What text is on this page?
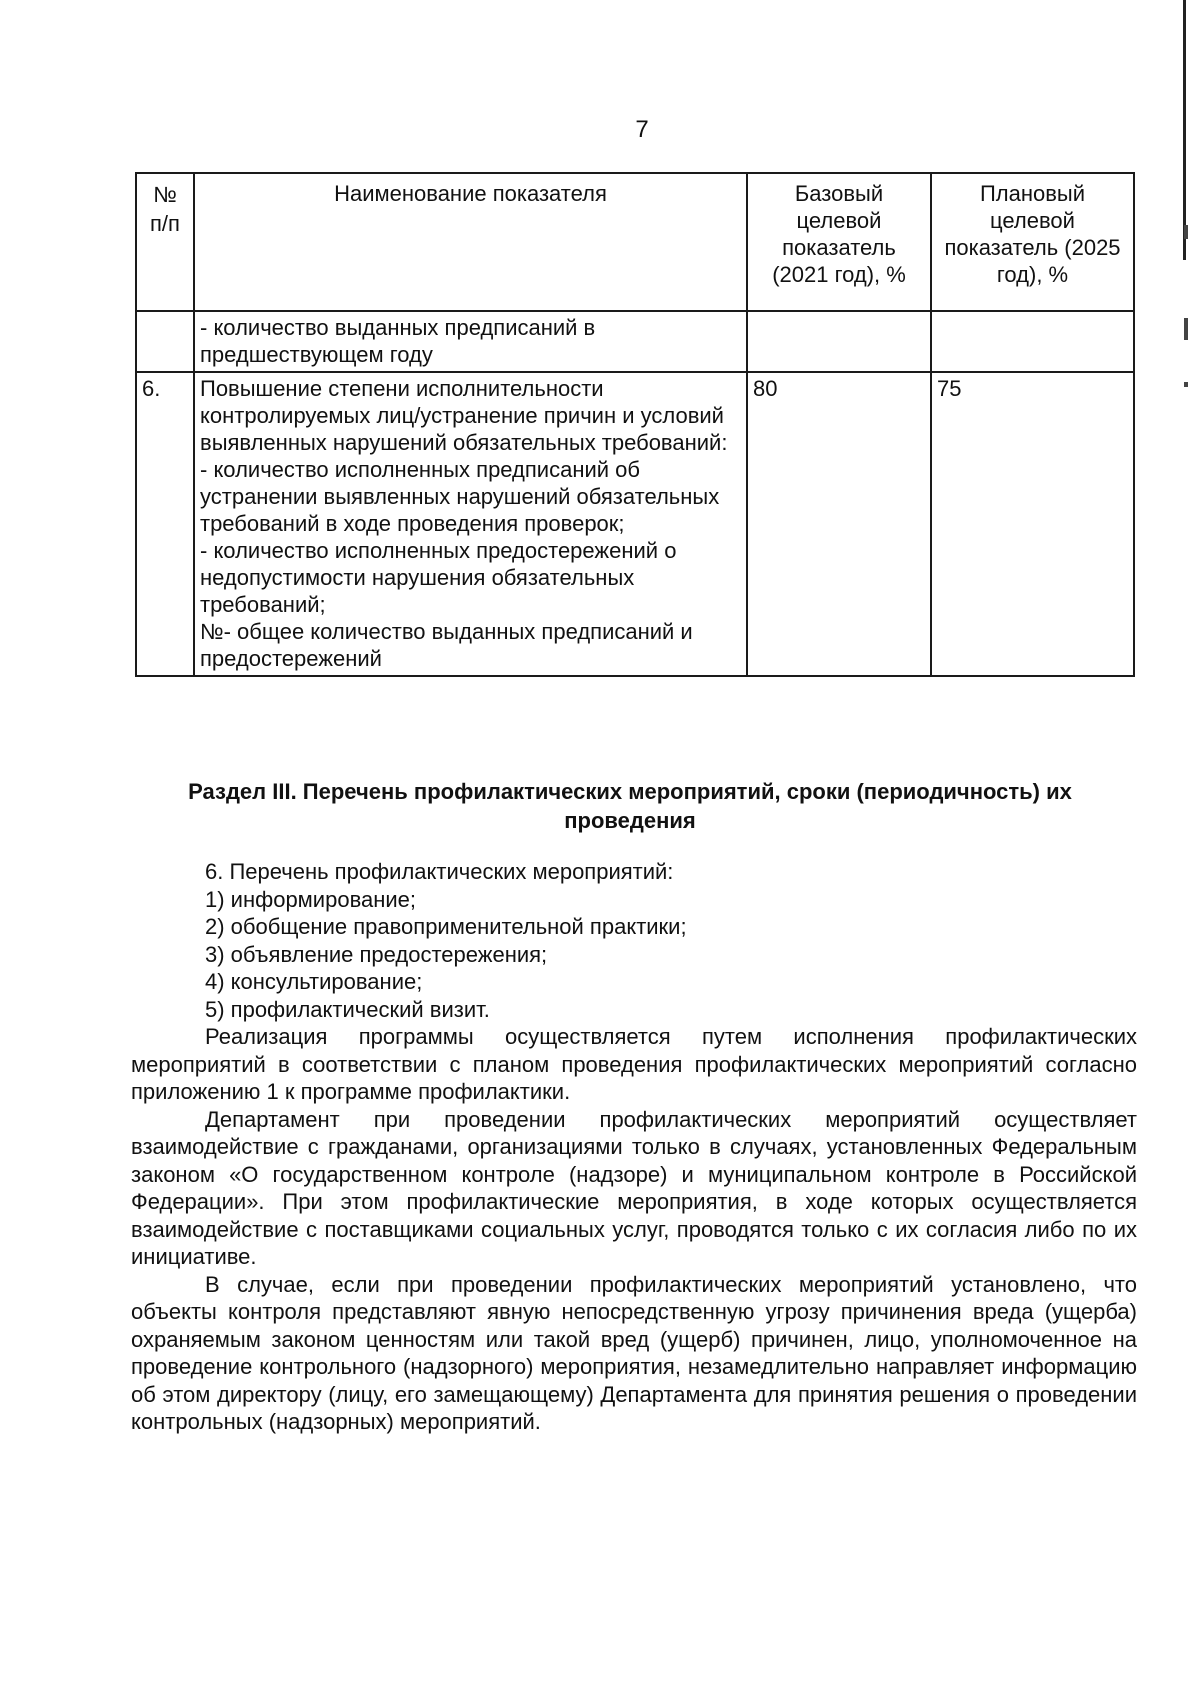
7
№ п/п	Наименование показателя	Базовый целевой показатель (2021 год), %	Плановый целевой показатель (2025 год), %
	- количество выданных предписаний в предшествующем году		
6.	Повышение степени исполнительности контролируемых лиц/устранение причин и условий выявленных нарушений обязательных требований:
- количество исполненных предписаний об устранении выявленных нарушений обязательных требований в ходе проведения проверок;
- количество исполненных предостережений о недопустимости нарушения обязательных требований;
№- общее количество выданных предписаний и предостережений	80	75
Раздел III. Перечень профилактических мероприятий, сроки (периодичность) их проведения

6. Перечень профилактических мероприятий:

1) информирование;

2) обобщение правоприменительной практики;

3) объявление предостережения;

4) консультирование;

5) профилактический визит.

Реализация программы осуществляется путем исполнения профилактических мероприятий в соответствии с планом проведения профилактических мероприятий согласно приложению 1 к программе профилактики.

Департамент при проведении профилактических мероприятий осуществляет взаимодействие с гражданами, организациями только в случаях, установленных Федеральным законом «О государственном контроле (надзоре) и муниципальном контроле в Российской Федерации». При этом профилактические мероприятия, в ходе которых осуществляется взаимодействие с поставщиками социальных услуг, проводятся только с их согласия либо по их инициативе.

В случае, если при проведении профилактических мероприятий установлено, что объекты контроля представляют явную непосредственную угрозу причинения вреда (ущерба) охраняемым законом ценностям или такой вред (ущерб) причинен, лицо, уполномоченное на проведение контрольного (надзорного) мероприятия, незамедлительно направляет информацию об этом директору (лицу, его замещающему) Департамента для принятия решения о проведении контрольных (надзорных) мероприятий.
